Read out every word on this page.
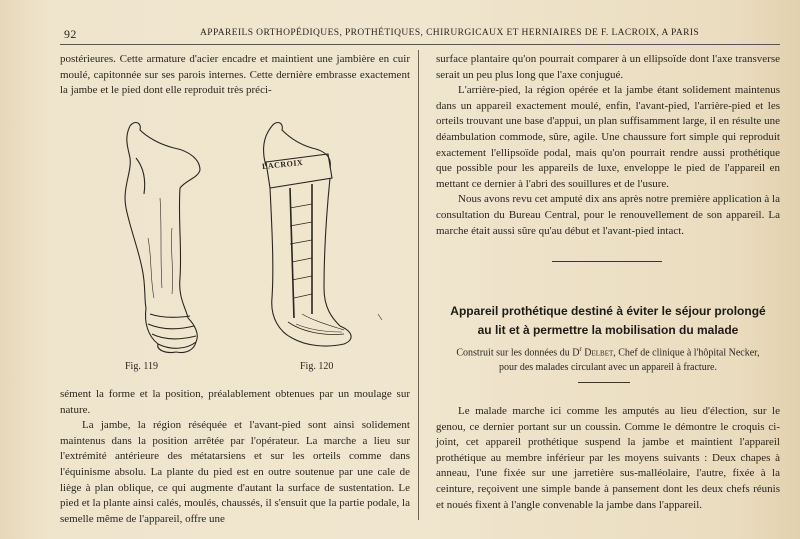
92	APPAREILS ORTHOPÉDIQUES, PROTHÉTIQUES, CHIRURGICAUX ET HERNIAIRES DE F. LACROIX, A PARIS

postérieures. Cette armature d'acier encadre et maintient une jambière en cuir moulé, capitonnée sur ses parois internes. Cette dernière embrasse exactement la jambe et le pied dont elle reproduit très préci-

LACROIX
Fig. 119	Fig. 120

sément la forme et la position, préalablement obtenues par un moulage sur nature.

La jambe, la région réséquée et l'avant-pied sont ainsi solidement maintenus dans la position arrêtée par l'opérateur. La marche a lieu sur l'extrémité antérieure des métatarsiens et sur les orteils comme dans l'équinisme absolu. La plante du pied est en outre soutenue par une cale de liège à plan oblique, ce qui augmente d'autant la surface de sustentation. Le pied et la plante ainsi calés, moulés, chaussés, il s'ensuit que la partie podale, la semelle même de l'appareil, offre une

surface plantaire qu'on pourrait comparer à un ellipsoïde dont l'axe transverse serait un peu plus long que l'axe conjugué.

L'arrière-pied, la région opérée et la jambe étant solidement maintenus dans un appareil exactement moulé, enfin, l'avant-pied, l'arrière-pied et les orteils trouvant une base d'appui, un plan suffisamment large, il en résulte une déambulation commode, sûre, agile. Une chaussure fort simple qui reproduit exactement l'ellipsoïde podal, mais qu'on pourrait rendre aussi prothétique que possible pour les appareils de luxe, enveloppe le pied de l'appareil en mettant ce dernier à l'abri des souillures et de l'usure.

Nous avons revu cet amputé dix ans après notre première application à la consultation du Bureau Central, pour le renouvellement de son appareil. La marche était aussi sûre qu'au début et l'avant-pied intact.

Appareil prothétique destiné à éviter le séjour prolongé
au lit et à permettre la mobilisation du malade
Construit sur les données du $D^r$ Delbet, Chef de clinique à l'hôpital Necker,
pour des malades circulant avec un appareil à fracture.

Le malade marche ici comme les amputés au lieu d'élection, sur le genou, ce dernier portant sur un coussin. Comme le démontre le croquis ci-joint, cet appareil prothétique suspend la jambe et maintient l'appareil prothétique au membre inférieur par les moyens suivants : Deux chapes à anneau, l'une fixée sur une jarretière sus-malléolaire, l'autre, fixée à la ceinture, reçoivent une simple bande à pansement dont les deux chefs réunis et noués fixent à l'angle convenable la jambe dans l'appareil.
